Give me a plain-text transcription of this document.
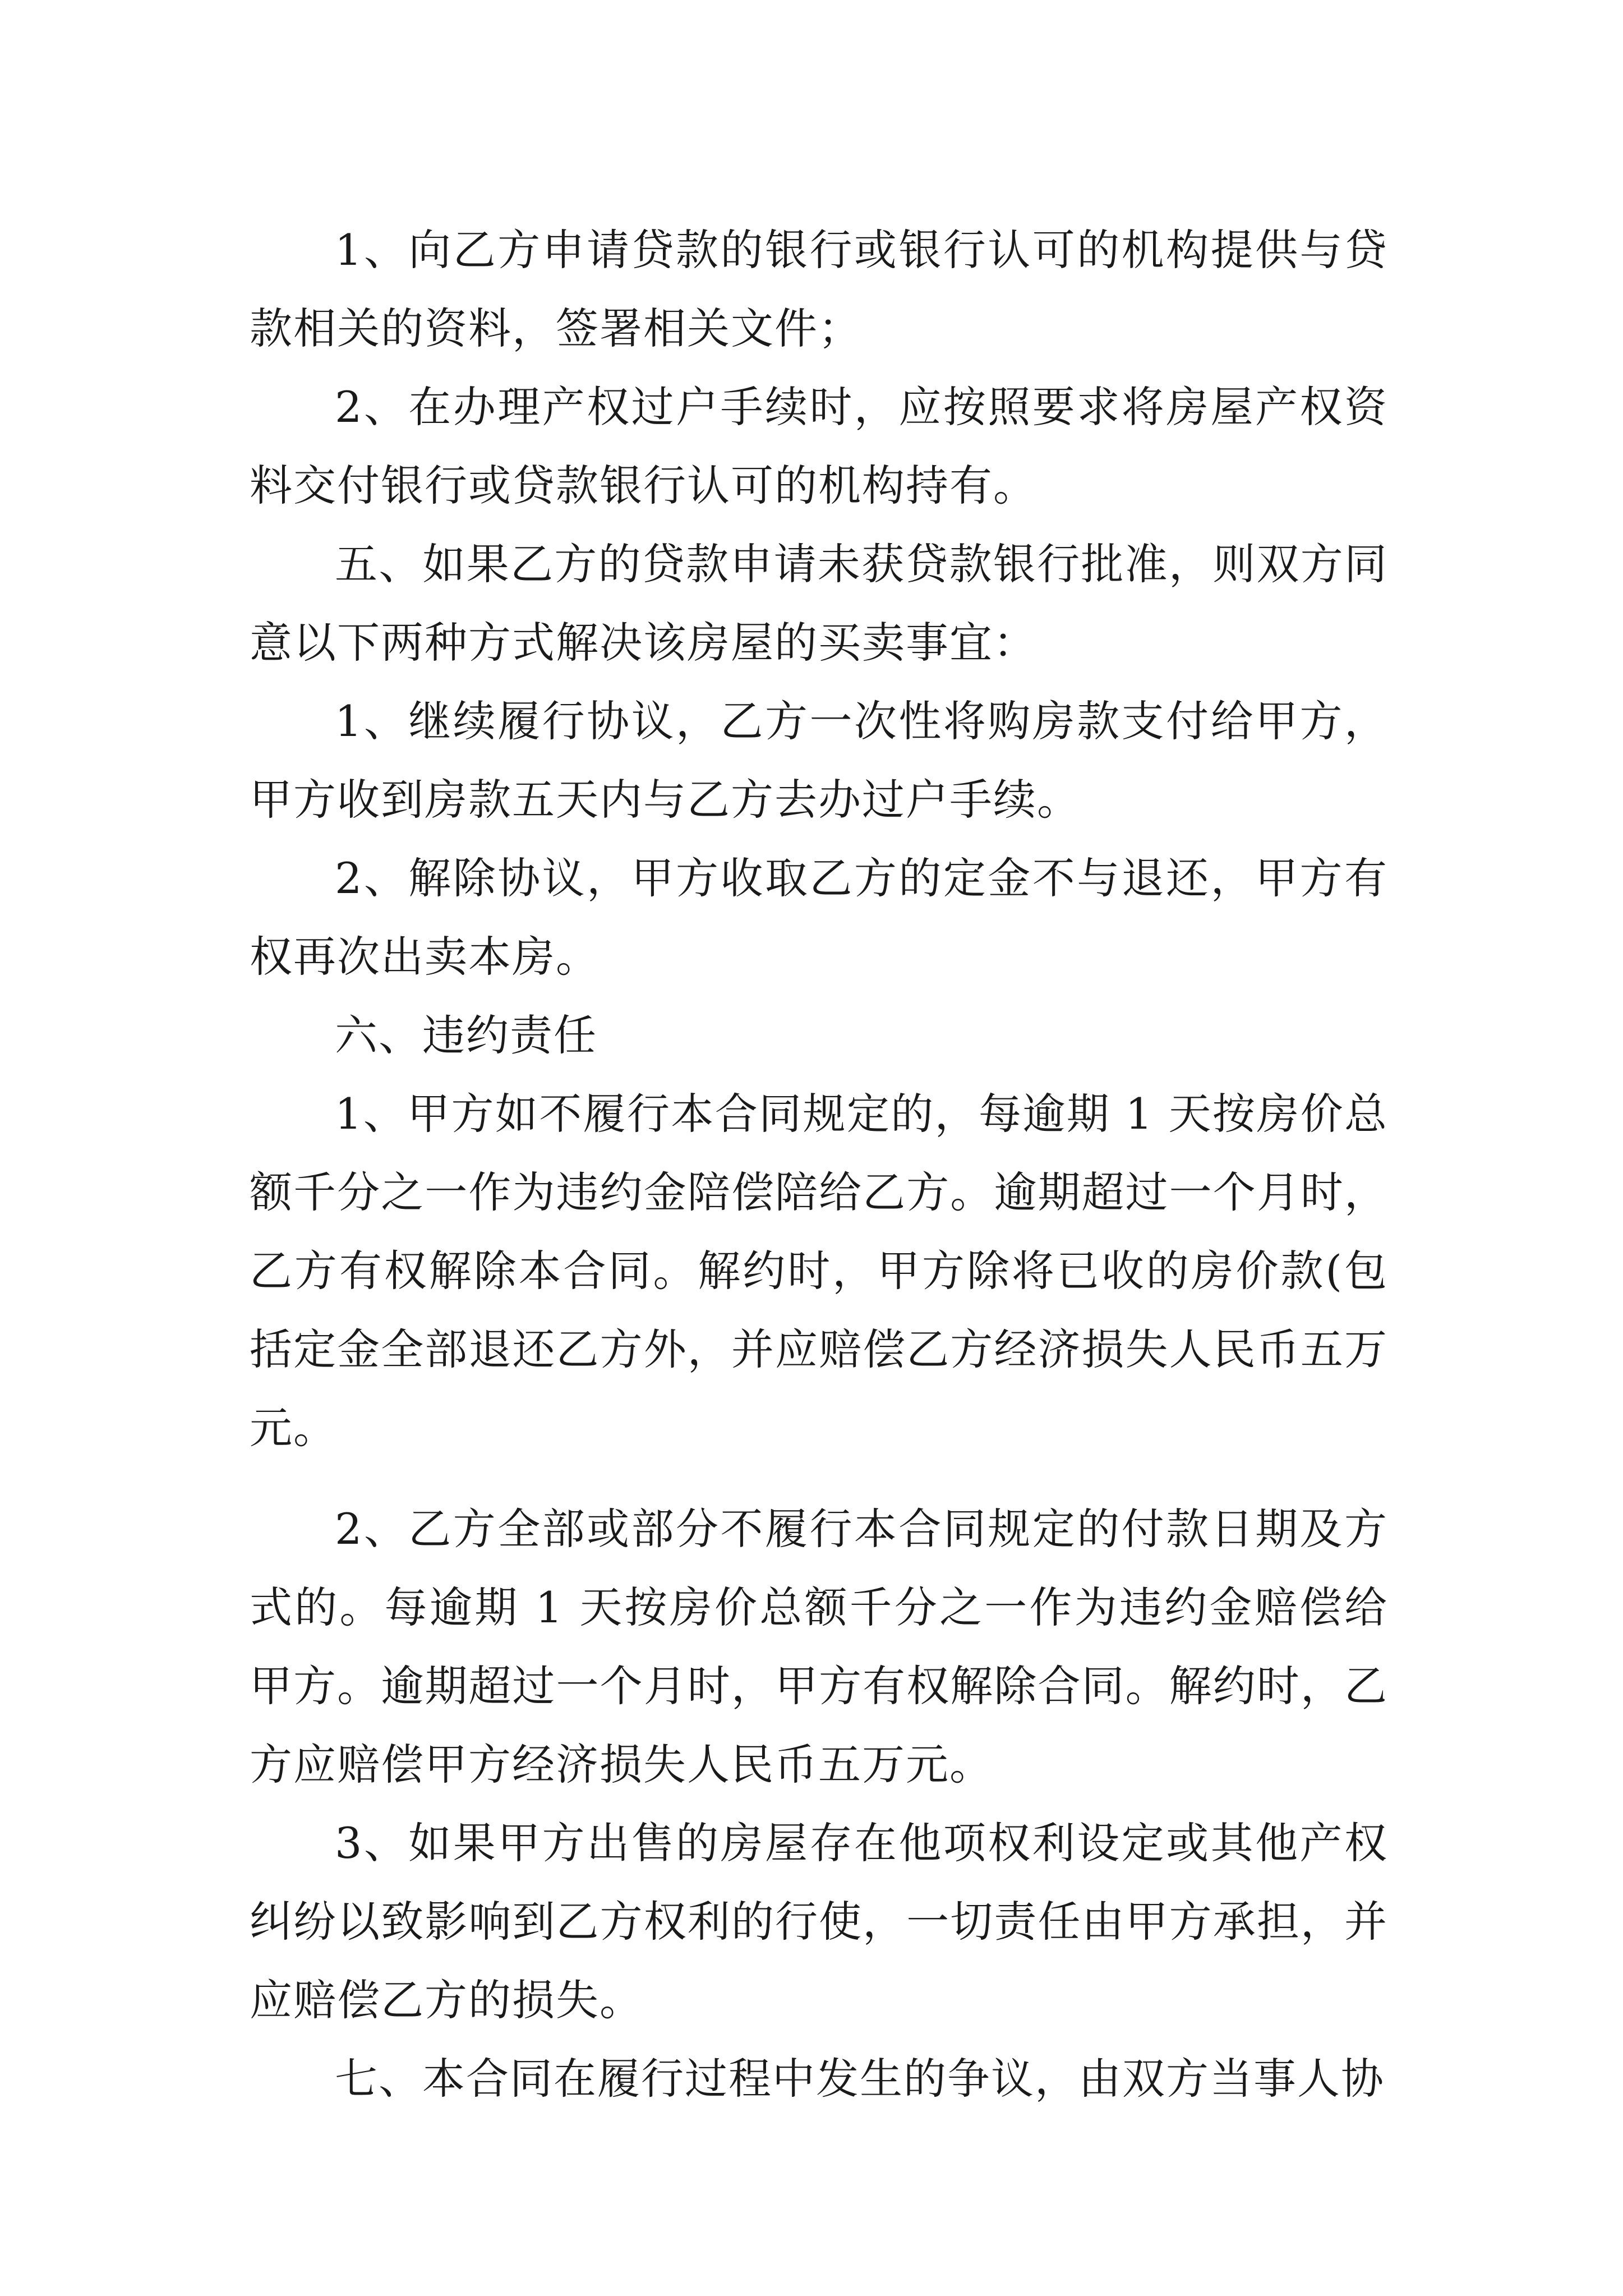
1、向乙方申请贷款的银行或银行认可的机构提供与贷款相关的资料，签署相关文件；

2、在办理产权过户手续时，应按照要求将房屋产权资料交付银行或贷款银行认可的机构持有。

五、如果乙方的贷款申请未获贷款银行批准，则双方同意以下两种方式解决该房屋的买卖事宜：

1、继续履行协议，乙方一次性将购房款支付给甲方，甲方收到房款五天内与乙方去办过户手续。

2、解除协议，甲方收取乙方的定金不与退还，甲方有权再次出卖本房。

六、违约责任

1、甲方如不履行本合同规定的，每逾期 1 天按房价总额千分之一作为违约金陪偿陪给乙方。逾期超过一个月时，乙方有权解除本合同。解约时，甲方除将已收的房价款(包括定金全部退还乙方外，并应赔偿乙方经济损失人民币五万元。

2、乙方全部或部分不履行本合同规定的付款日期及方式的。每逾期 1 天按房价总额千分之一作为违约金赔偿给甲方。逾期超过一个月时，甲方有权解除合同。解约时，乙方应赔偿甲方经济损失人民币五万元。

3、如果甲方出售的房屋存在他项权利设定或其他产权纠纷以致影响到乙方权利的行使，一切责任由甲方承担，并应赔偿乙方的损失。

七、本合同在履行过程中发生的争议，由双方当事人协
